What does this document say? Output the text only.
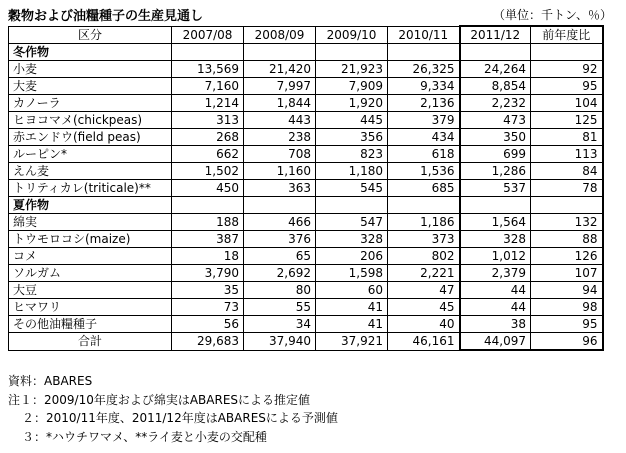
穀物および油糧種子の生産見通し	（単位：千トン、％）
区分	2007/08	2008/09	2009/10	2010/11	2011/12	前年度比
冬作物						
小麦	13,569	21,420	21,923	26,325	24,264	92
大麦	7,160	7,997	7,909	9,334	8,854	95
カノーラ	1,214	1,844	1,920	2,136	2,232	104
ヒヨコマメ(chickpeas)	313	443	445	379	473	125
赤エンドウ(field peas)	268	238	356	434	350	81
ルーピン*	662	708	823	618	699	113
えん麦	1,502	1,160	1,180	1,536	1,286	84
トリティカレ(triticale)**	450	363	545	685	537	78
夏作物						
綿実	188	466	547	1,186	1,564	132
トウモロコシ(maize)	387	376	328	373	328	88
コメ	18	65	206	802	1,012	126
ソルガム	3,790	2,692	1,598	2,221	2,379	107
大豆	35	80	60	47	44	94
ヒマワリ	73	55	41	45	44	98
その他油糧種子	56	34	41	40	38	95
合計	29,683	37,940	37,921	46,161	44,097	96
資料：ABARES
注１：2009/10年度および綿実はABARESによる推定値
２：2010/11年度、2011/12年度はABARESによる予測値
３：*ハウチワマメ、**ライ麦と小麦の交配種
